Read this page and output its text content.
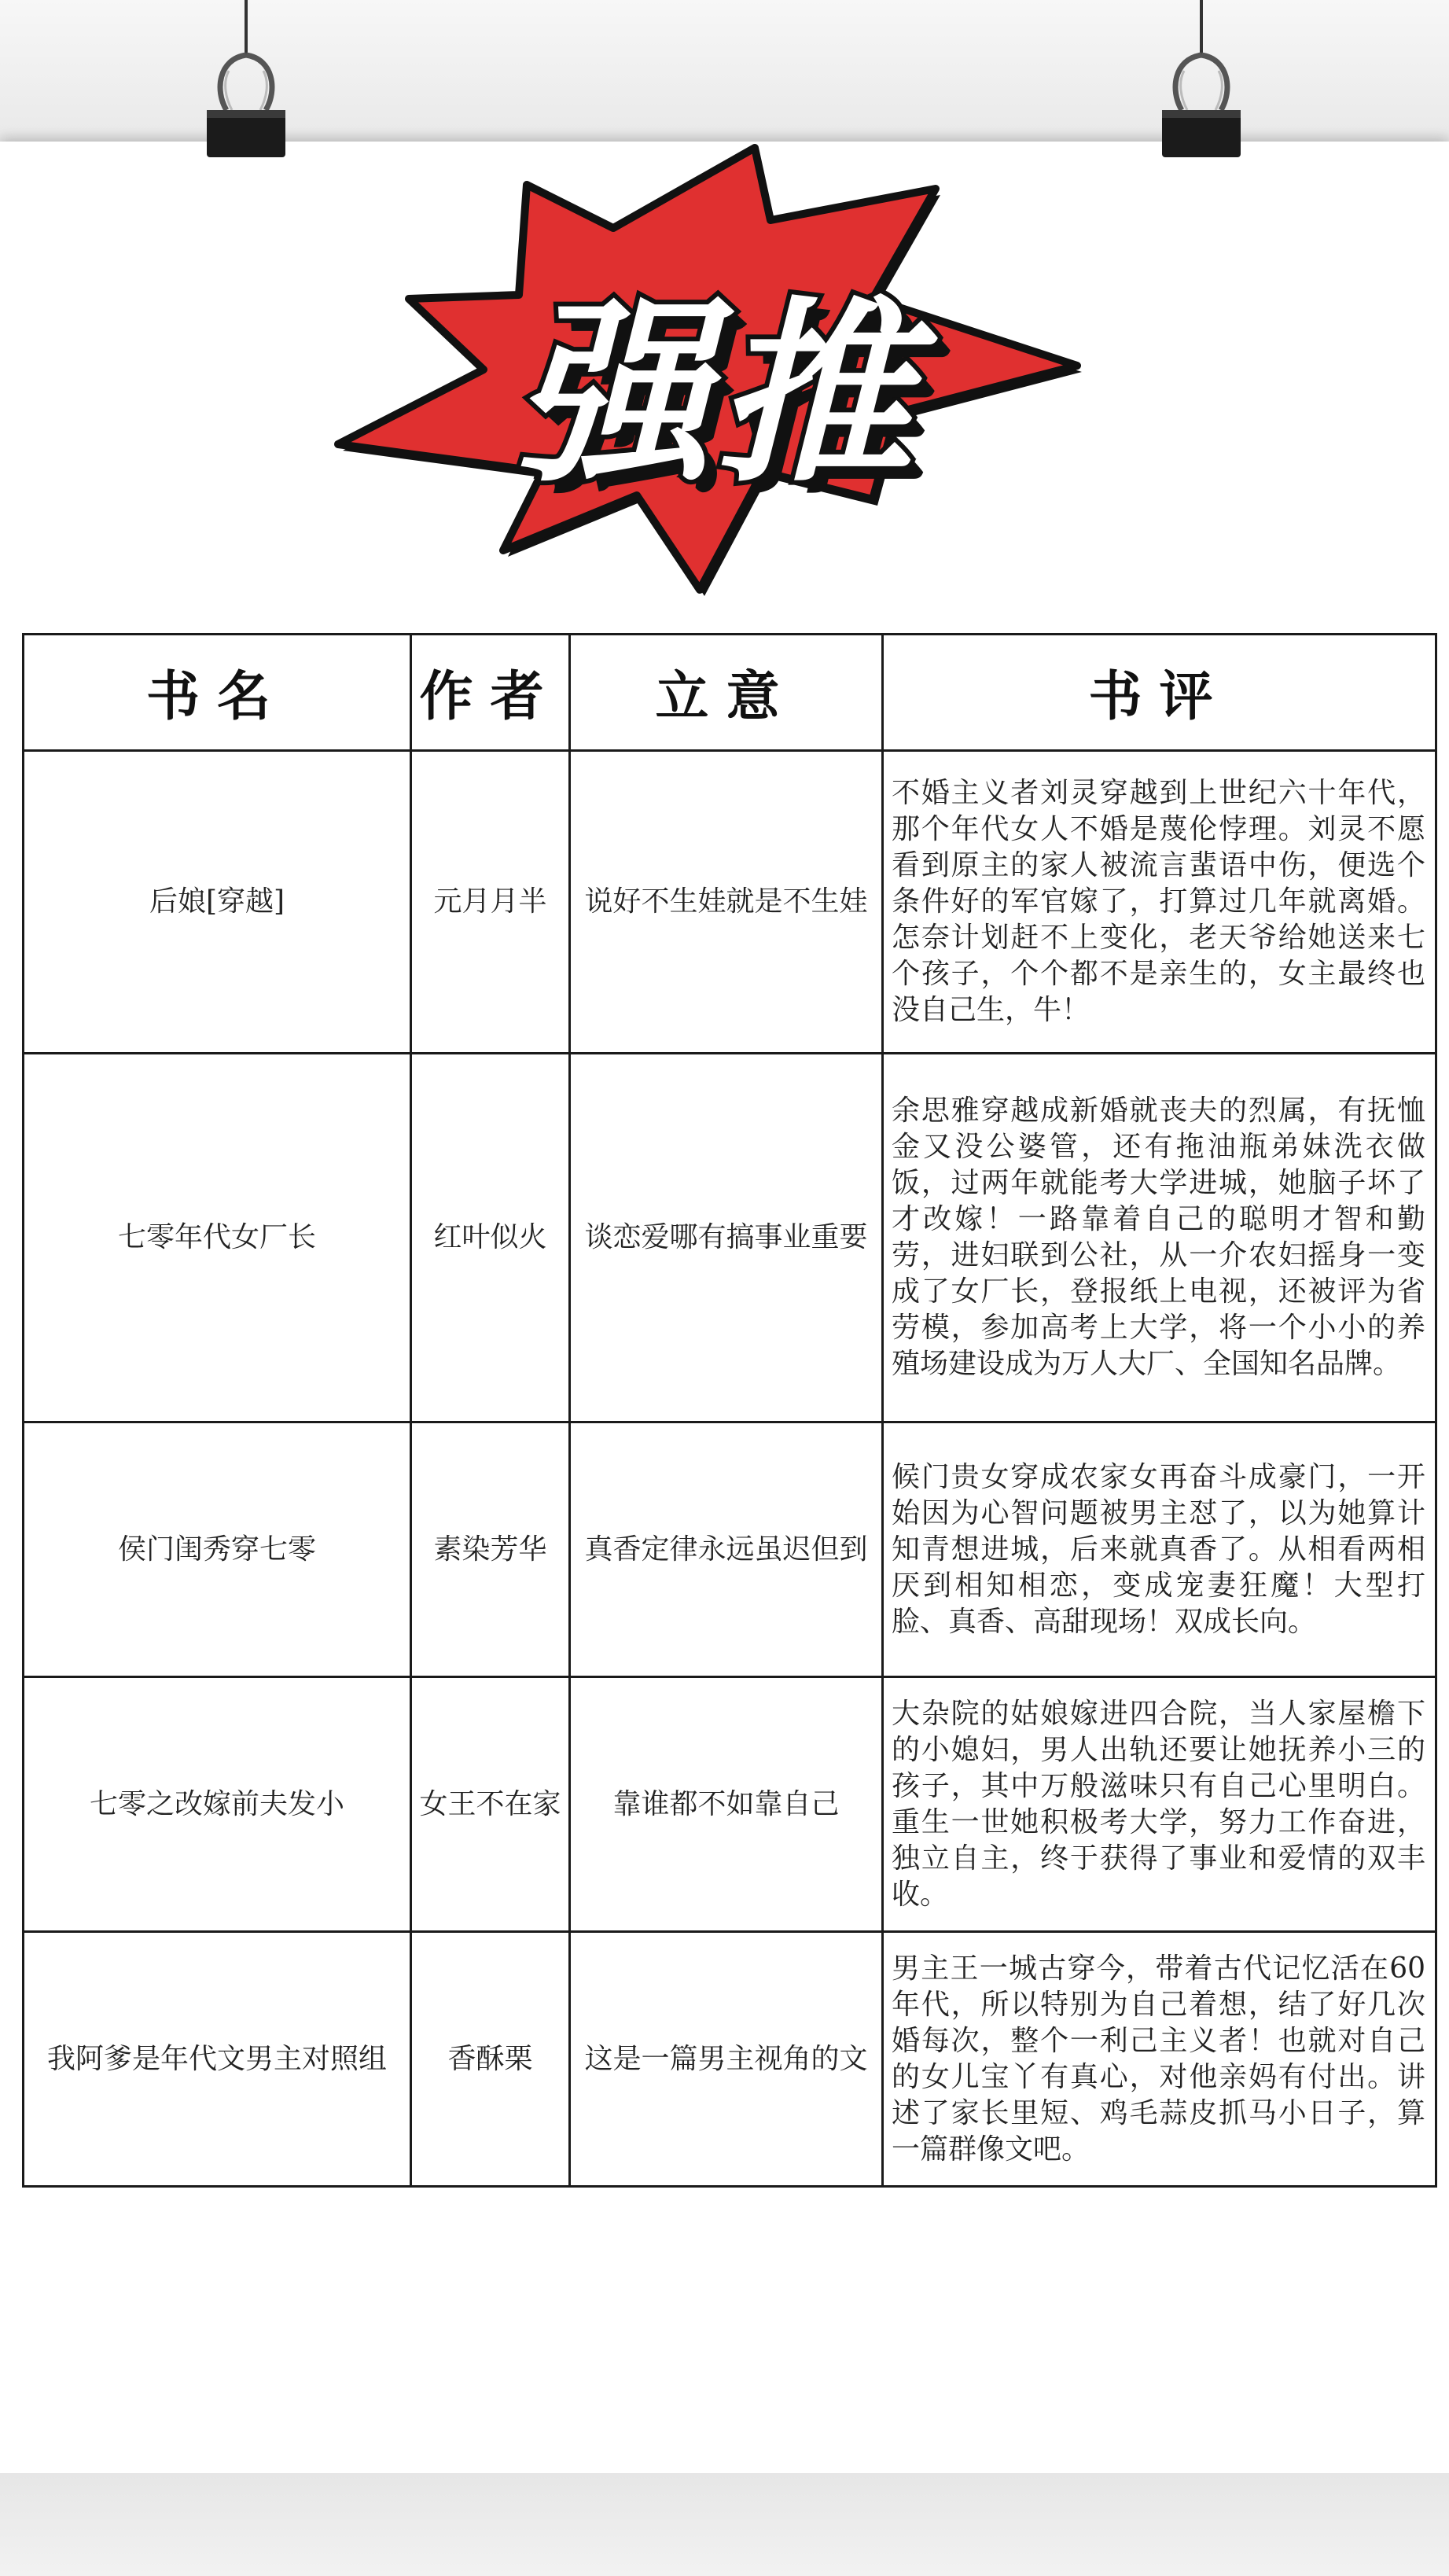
强推
书名	作者	立意	书评
后娘[穿越]	元月月半	说好不生娃就是不生娃	不婚主义者刘灵穿越到上世纪六十年代，那个年代女人不婚是蔑伦悖理。刘灵不愿看到原主的家人被流言蜚语中伤，便选个条件好的军官嫁了，打算过几年就离婚。怎奈计划赶不上变化，老天爷给她送来七个孩子，个个都不是亲生的，女主最终也没自己生，牛！
七零年代女厂长	红叶似火	谈恋爱哪有搞事业重要	余思雅穿越成新婚就丧夫的烈属，有抚恤金又没公婆管，还有拖油瓶弟妹洗衣做饭，过两年就能考大学进城，她脑子坏了才改嫁！一路靠着自己的聪明才智和勤劳，进妇联到公社，从一介农妇摇身一变成了女厂长，登报纸上电视，还被评为省劳模，参加高考上大学，将一个小小的养殖场建设成为万人大厂、全国知名品牌。
侯门闺秀穿七零	素染芳华	真香定律永远虽迟但到	候门贵女穿成农家女再奋斗成豪门，一开始因为心智问题被男主怼了，以为她算计知青想进城，后来就真香了。从相看两相厌到相知相恋，变成宠妻狂魔！大型打脸、真香、高甜现场！双成长向。
七零之改嫁前夫发小	女王不在家	靠谁都不如靠自己	大杂院的姑娘嫁进四合院，当人家屋檐下的小媳妇，男人出轨还要让她抚养小三的孩子，其中万般滋味只有自己心里明白。重生一世她积极考大学，努力工作奋进，独立自主，终于获得了事业和爱情的双丰收。
我阿爹是年代文男主对照组	香酥栗	这是一篇男主视角的文	男主王一城古穿今，带着古代记忆活在60年代，所以特别为自己着想，结了好几次婚每次，整个一利己主义者！也就对自己的女儿宝丫有真心，对他亲妈有付出。讲述了家长里短、鸡毛蒜皮抓马小日子，算一篇群像文吧。
